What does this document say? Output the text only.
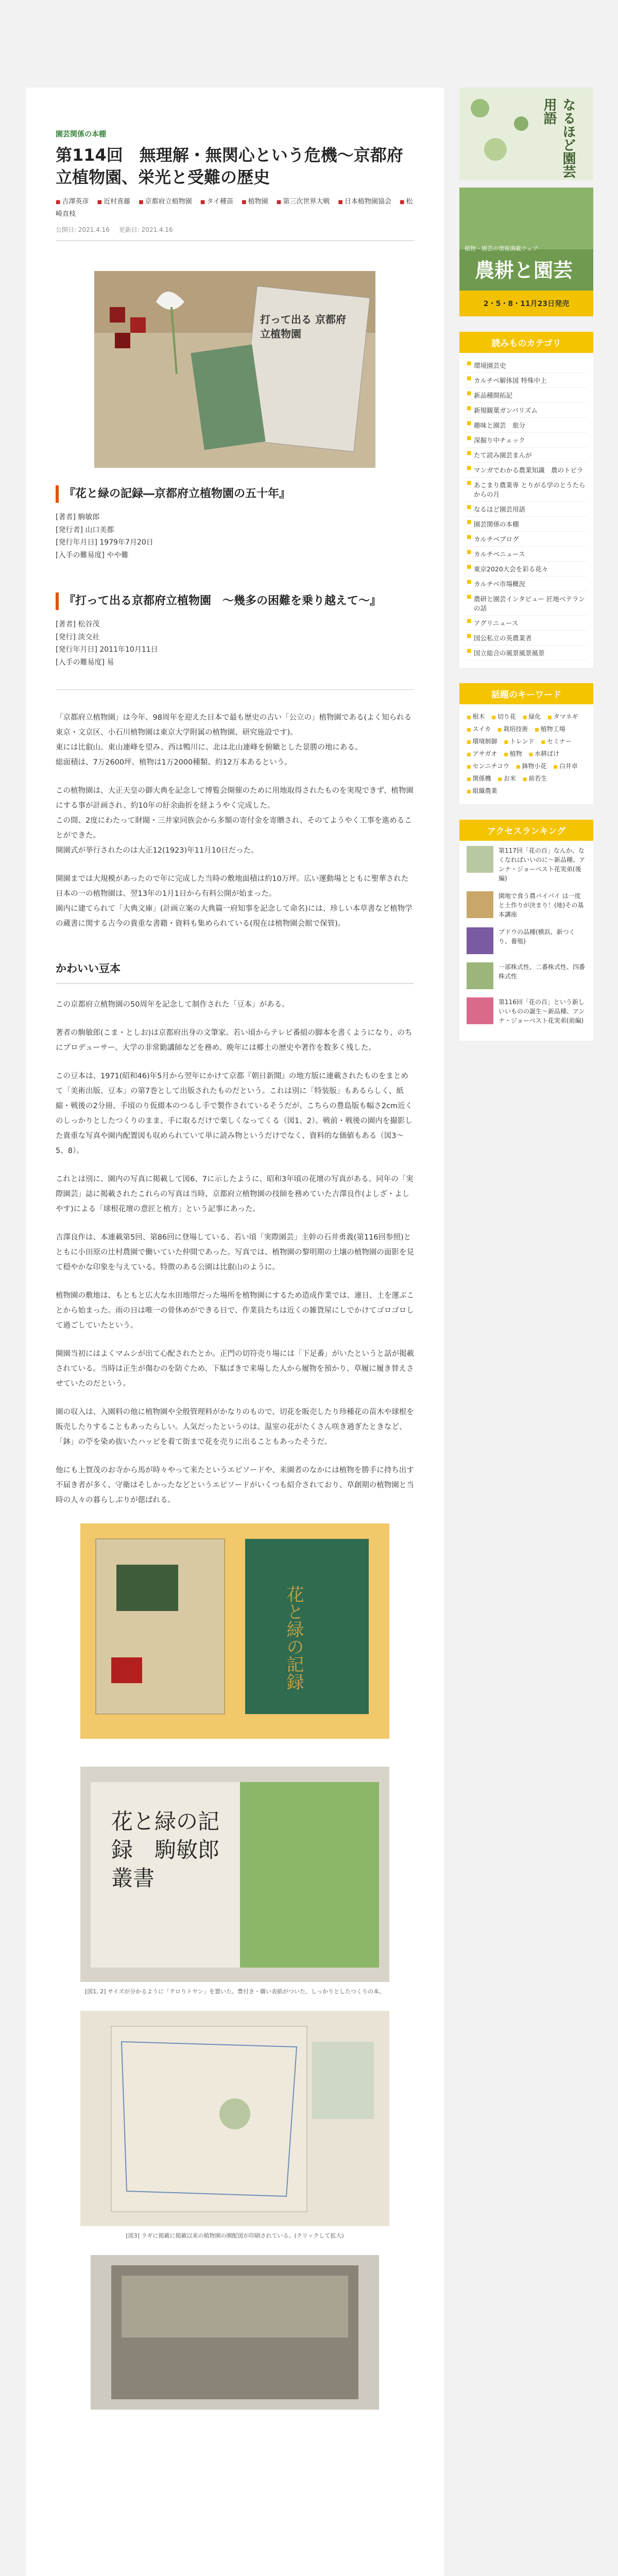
園芸関係の本棚
第114回　無理解・無関心という危機〜京都府立植物園、栄光と受難の歴史
■ 吉澤英彦 ■ 近村喜藤 ■ 京都府立植物園 ■ タイ種苗 ■ 植物園 ■ 第三次世界大戦 ■ 日本植物園協会 ■ 松崎直枝
公開日: 2021.4.16 更新日: 2021.4.16
打って出る 京都府立植物園
『花と緑の記録―京都府立植物園の五十年』
[著者] 駒敏郎
[発行者] 山口美都
[発行年月日] 1979年7月20日
[入手の難易度] やや難
『打って出る京都府立植物園　～幾多の困難を乗り越えて～』
[著者] 松谷茂
[発行] 淡交社
[発行年月日] 2011年10月11日
[入手の難易度] 易

「京都府立植物園」は今年、98周年を迎えた日本で最も歴史の古い「公立の」植物園である(よく知られる東京・文京区、小石川植物園は東京大学附属の植物園、研究施設です)。
東には比叡山、東山連峰を望み、西は鴨川に、北は北山連峰を俯瞰とした景勝の地にある。
総面積は、7万2600坪、植物は1万2000種類、約12万本あるという。

この植物園は、大正天皇の御大典を記念して博覧会開催のために用地取得されたものを実現できず、植物園にする事が計画され、約10年の紆余曲折を経ようやく完成した。
この間、2度にわたって財閥・三井家同族会から多額の寄付金を寄贈され、そのてようやく工事を進めることができた。
開園式が挙行されたのは大正12(1923)年11月10日だった。

開園までは大規模があったので年に完成した当時の敷地面積は約10万坪。広い運動場とともに聖華された日本の一の植物園は、翌13年の1月1日から有料公開が始まった。
園内に建てられて「大典文庫」(計画立案の大典篇一府知事を記念して命名)には、珍しい本草書など植物学の蔵書に関する古今の貴重な書籍・資料も集められている(現在は植物園会館で保管)。

かわいい豆本

この京都府立植物園の50周年を記念して制作された「豆本」がある。

著者の駒敏郎(こま・としお)は京都府出身の文筆家。若い頃からテレビ番組の脚本を書くようになり、のちにプロデューサー、大学の非常勤講師などを務め、晩年には郷土の歴史や著作を数多く残した。

この豆本は、1971(昭和46)年5月から翌年にかけて京都『朝日新聞』の地方版に連載されたものをまとめて「美術出版、豆本」の第7巻として出版されたものだという。これは別に「特装版」もあるらしく、紙縮・戦後の2分冊、手頃のり仮綴本のつるし手で製作されているそうだが、こちらの豊島版も幅さ2cm近くのしっかりとしたつくりのまま、手に取るだけで楽しくなってくる（図1、2）。戦前・戦後の園内を撮影した貴重な写真や園内配置図も収められていて単に読み物というだけでなく、資料的な価値もある（図3〜5、8）。

これとは別に、園内の写真に掲載して図6、7に示したように、昭和3年頃の花壇の写真がある。同年の「実際園芸」誌に掲載されたこれらの写真は当時、京都府立植物園の技師を務めていた吉澤良作(よしざ・よしやす)による「球根花壇の意匠と植方」という記事にあった。

吉澤良作は、本連載第5回、第86回に登場している、若い頃「実際園芸」主幹の石井勇義(第116回参照)とともに小田原の辻村農園で働いていた仲間であった。写真では、植物園の黎明期の土壌の植物園の面影を見て穏やかな印象を与えている。特徴のある公園は比叡山のように。

植物園の敷地は、もともと広大な水田地帯だった場所を植物園にするため造成作業では、連日、土を運ぶことから始まった。雨の日は唯一の骨休めができる日で、作業員たちは近くの雑貨屋にしでかけてゴロゴロして過ごしていたという。

開園当初にはよくマムシが出て心配されたとか。正門の切符売り場には「下足番」がいたというと話が掲載されている。当時は正生が傷むのを防ぐため、下駄ばきで来場した人から履物を預かり、草履に履き替えさせていたのだという。

園の収入は、入園料の他に植物園や全般管理料がかなりのもので、切花を販売したり珍種花の苗木や球根を販売したりすることもあったらしい。人気だったというのは、温室の花がたくさん咲き過ぎたときなど、「鉢」の苧を染め抜いたハッピを着て街まで花を売りに出ることもあったそうだ。

他にも上賀茂のお寺から馬が時々やって来たというエピソードや、来園者のなかには植物を勝手に持ち出す不届き者が多く、守衛はそしかったなどというエピソードがいくつも紹介されており、草創期の植物園と当時の人々の暮らしぶりが偲ばれる。

花と緑の記録
花と緑の記録　駒敏郎叢書

[図1, 2] サイズが分かるように「テロりトヤン」を置いた。豊付き・織い表紙がついた、しっかりとしたつくりの本。

[図3] ラギに掲載に掲載以来の植物園の園配図が印刷されている。(クリックして拡大)

なるほど園芸用語
植物・園芸の情報満載ウェブ
農耕と園芸
2・5・8・11月23日発売
読みものカテゴリ
■ 環境園芸史
■ カルチベ解体図 特殊中上
■ 新品種開拓記
■ 新規観葉ガンバリズム
■ 趣味と園芸　旅分
■ 深掘り中チェック
■ たて読み園芸まんが
■ マンガでわかる農業知識　農のトピラ
■ あこまり農業専 とりがる学のとうたらからの月
■ なるほど園芸用語
■ 園芸関係の本棚
■ カルチベプログ
■ カルチベニュース
■ 東京2020大会を彩る花々
■ カルチベ市場概況
■ 農研と園芸インタビュー 匠地ベテランの話
■ アグリニュース
■ 国公私立の英農業者
■ 国立総合の風景風景風景
話題のキーワード
■ 根木 ■ 切り花 ■ 緑化 ■ タマネギ ■ スイカ ■ 栽培技術 ■ 植物工場 ■ 環境制御 ■ トレンド ■ セミナー ■ アサガオ ■ 植物 ■ 水耕ばけ ■ センニチコウ ■ 鉢物小花 ■ 白井卓 ■ 関係機 ■ お米 ■ 前若生 ■ 組織農業
アクセスランキング
第117回「花の百」なんか、なくなればいいのに〜新品種、アンナ・ジョーベスト花実弟(後編)
園地で食う農バイパイ は一度と土作りが決まり！(地)その基本講座
ブドウの品種(横浜、新つくり、養殖)
一部株式性、二番株式性、四番株式性
第116回「花の百」という新しいいものの誕生〜新品種、アンナ・ジョーベスト花実弟(前編)
